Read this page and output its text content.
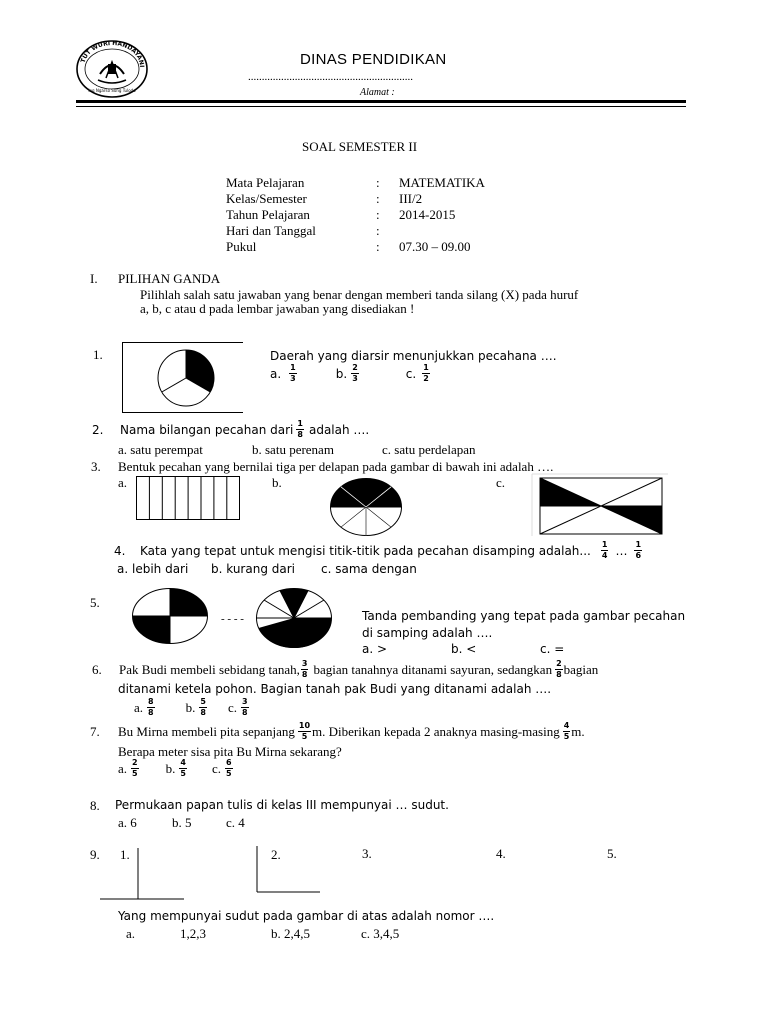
TUT WURI HANDAYANI
Ing Ngarso Sung Tulodo
DINAS PENDIDIKAN
............................................................
Alamat :
SOAL SEMESTER II
Mata Pelajaran	: MATEMATIKA
Kelas/Semester	: III/2
Tahun Pelajaran	: 2014-2015
Hari dan Tanggal	:
Pukul	: 07.30 – 09.00
I. PILIHAN GANDA
Pilihlah salah satu jawaban yang benar dengan memberi tanda silang (X) pada huruf
a, b, c atau d pada lembar jawaban yang disediakan !
1.	Daerah yang diarsir menunjukkan pecahana ….
a. $\frac{1}{3}$	b. $\frac{2}{3}$	c. $\frac{1}{2}$
2.	Nama bilangan pecahan dari $\frac{1}{8}$ adalah ….
a. satu perempat	b. satu perenam	c. satu perdelapan
3. Bentuk pecahan yang bernilai tiga per delapan pada gambar di bawah ini adalah ….
a.	b.	c.
4.	Kata yang tepat untuk mengisi titik-titik pada pecahan disamping adalah... $\frac{1}{4}$ … $\frac{1}{6}$
a. lebih dari b. kurang dari c. sama dengan
5.
- - - -	Tanda pembanding yang tepat pada gambar pecahan
di samping adalah ….
a. >	b. <	c. =
6.	Pak Budi membeli sebidang tanah, $\frac{3}{8}$ bagian tanahnya ditanami sayuran, sedangkan $\frac{2}{8}$ bagian
ditanami ketela pohon. Bagian tanah pak Budi yang ditanami adalah ….
a. $\frac{8}{8} b$. $\frac{5}{8} c$. $\frac{3}{8}$
7.	Bu Mirna membeli pita sepanjang $\frac{10}{5} m$. Diberikan kepada 2 anaknya $masing-masing \frac{4}{5} m$.
Berapa meter sisa pita Bu Mirna sekarang?
a. $\frac{2}{5} b$. $\frac{4}{5} c$. $\frac{6}{5}$
8. Permukaan papan tulis di kelas III mempunyai … sudut.
a. 6	b. 5	c. 4
9. 1.	2.	3.	4.	5.
Yang mempunyai sudut pada gambar di atas adalah nomor ….
a.	1,2,3	b. 2,4,5	c. 3,4,5
